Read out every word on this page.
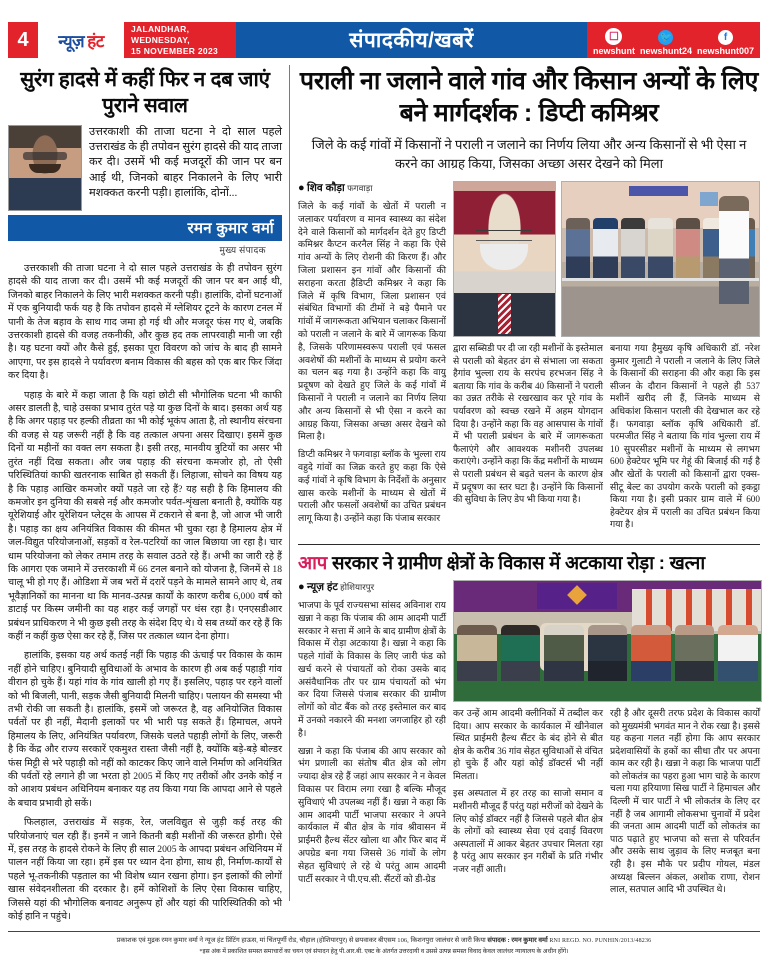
4	न्यूज़ हंट
JALANDHAR, WEDNESDAY,
15 NOVEMBER 2023	संपादकीय/खबरें	☐
newshunt
🐦
newshunt24
f
newshunt007
सुरंग हादसे में कहीं फिर न दब जाएं पुराने सवाल
उत्तरकाशी की ताजा घटना ने दो साल पहले उत्तराखंड के ही तपोवन सुरंग हादसे की याद ताजा कर दी। उसमें भी कई मजदूरों की जान पर बन आई थी, जिनको बाहर निकालने के लिए भारी मशक्कत करनी पड़ी। हालांकि, दोनों...
रमन कुमार वर्मा
मुख्य संपादक

उत्तरकाशी की ताजा घटना ने दो साल पहले उत्तराखंड के ही तपोवन सुरंग हादसे की याद ताजा कर दी। उसमें भी कई मजदूरों की जान पर बन आई थी, जिनको बाहर निकालने के लिए भारी मशक्कत करनी पड़ी। हालांकि, दोनों घटनाओं में एक बुनियादी फर्क यह है कि तपोवन हादसे में ग्लेशियर टूटने के कारण टनल में पानी के तेज बहाव के साथ गाद जमा हो गई थी और मजदूर फंस गए थे, जबकि उत्तरकाशी हादसे की वजह तकनीकी, और कुछ हद तक लापरवाही मानी जा रही है। यह घटना क्यों और कैसे हुई, इसका पूरा विवरण को जांच के बाद ही सामने आएगा, पर इस हादसे ने पर्यावरण बनाम विकास की बहस को एक बार फिर जिंदा कर दिया है।

पहाड़ के बारे में कहा जाता है कि यहां छोटी सी भौगोलिक घटना भी काफी असर डालती है, चाहे उसका प्रभाव तुरंत पड़े या कुछ दिनों के बाद। इसका अर्थ यह है कि अगर पहाड़ पर हल्की तीव्रता का भी कोई भूकंप आता है, तो स्थानीय संरचना की वजह से यह जरूरी नहीं है कि वह तत्काल अपना असर दिखाए। इसमें कुछ दिनों या महीनों का वक्त लग सकता है। इसी तरह, मानवीय त्रुटियों का असर भी तुरंत नहीं दिख सकता। और जब पहाड़ की संरचना कमजोर हो, तो ऐसी परिस्थितियां काफी खतरनाक साबित हो सकती हैं। लिहाजा, सोचने का विषय यह है कि पहाड़ आखिर कमजोर क्यों पड़ते जा रहे हैं? यह सही है कि हिमालय की कमजोर इन दुनिया की सबसे नई और कमजोर पर्वत-शृंखला बनाती है, क्योंकि यह यूरेशियाई और यूरेशियन प्लेट्स के आपस में टकराने से बना है, जो आज भी जारी है। पहाड़ का क्षय अनियंत्रित विकास की कीमत भी चुका रहा है हिमालय क्षेत्र में जल-विद्युत परियोजनाओं, सड़कों व रेल-पटरियों का जाल बिछाया जा रहा है। चार धाम परियोजना को लेकर तमाम तरह के सवाल उठते रहे हैं। अभी का जारी रहे हैं कि आगरा एक जमाने में उत्तरकाशी में 66 टनल बनाने को योजना है, जिनमें से 18 चालू भी हो गए हैं। ओडिशा में जब भरों में दरारें पड़ने के मामले सामने आए थे, तब भूवैज्ञानिकों का मानना था कि मानव-उत्पन्न कार्यों के कारण करीब 6,000 वर्ष को डाटाई पर किस्म जमीनी का यह शहर कई जगहों पर धंस रहा है। एनएसडीआर प्रबंधन प्राधिकरण ने भी कुछ इसी तरह के संदेश दिए थे। ये सब तथ्यों कर रहे हैं कि कहीं न कहीं कुछ ऐसा कर रहे हैं, जिस पर तत्काल ध्यान देना होगा।

हालांकि, इसका यह अर्थ कतई नहीं कि पहाड़ की ऊंचाई पर विकास के काम नहीं होने चाहिए। बुनियादी सुविधाओं के अभाव के कारण ही अब कई पहाड़ी गांव वीरान हो चुके हैं। यहां गांव के गांव खाली हो गए हैं। इसलिए, पहाड़ पर रहने वालों को भी बिजली, पानी, सड़क जैसी बुनियादी मिलनी चाहिए। पलायन की समस्या भी तभी रोकी जा सकती है। हालांकि, इसमें जो जरूरत है, वह अनियोजित विकास पर्वतों पर ही नहीं, मैदानी इलाकों पर भी भारी पड़ सकते हैं। हिमाचल, अपने हिमालय के लिए, अनियंत्रित पर्यावरण, जिसके चलते पहाड़ी लोगों के लिए, जरूरी है कि केंद्र और राज्य सरकारें एकमुश्त रास्ता जैसी नहीं है, क्योंकि बड़े-बड़े बोल्डर फंस मिट्टी से भरे पहाड़ी को नहीं को काटकर किए जाने वाले निर्माण को अनियंत्रित की पर्वतों रहे लगाने ही जा भरता हो 2005 में किए गए तरीकों और उनके कोई न को आशय प्रबंधन अधिनियम बनाकर यह तय किया गया कि आपदा आने से पहले के बचाव प्रभावी हो सकें।

फिलहाल, उत्तराखंड में सड़क, रेल, जलविद्युत से जुड़ी कई तरह की परियोजनाएं चल रही हैं। इनमें न जाने कितनी बड़ी मशीनों की जरूरत होगी। ऐसे में, इस तरह के हादसे रोकने के लिए ही साल 2005 के आपदा प्रबंधन अधिनियम में पालन नहीं किया जा रहा। हमें इस पर ध्यान देना होगा, साथ ही, निर्माण-कार्यों से पहले भू-तकनीकी पड़ताल का भी विशेष ध्यान रखना होगा। इन इलाकों की लोगों खास संवेदनशीलता की दरकार है। हमें कोशिशों के लिए ऐसा विकास चाहिए, जिससे यहां की भौगोलिक बनावट अनुरूप हों और यहां की पारिस्थितिकी को भी कोई हानि न पहुंचे।

पराली ना जलाने वाले गांव और किसान अन्यों के लिए बने मार्गदर्शक : डिप्टी कमिश्रर
जिले के कई गांवों में किसानों ने पराली न जलाने का निर्णय लिया और अन्य किसानों से भी ऐसा न करने का आग्रह किया, जिसका अच्छा असर देखने को मिला
● शिव कौड़ा फगवाड़ा

जिले के कई गांवों के खेतों में पराली न जलाकर पर्यावरण व मानव स्वास्थ्य का संदेश देने वाले किसानों को मार्गदर्शन देते हुए डिप्टी कमिश्नर कैप्टन करनैल सिंह ने कहा कि ऐसे गांव अन्यों के लिए रोशनी की किरण हैं। और जिला प्रशासन इन गांवों और किसानों की सराहना करता हैडिप्टी कमिश्नर ने कहा कि जिले में कृषि विभाग, जिला प्रशासन एवं संबंधित विभागों की टीमों ने बड़े पैमाने पर गांवों में जागरूकता अभियान चलाकर किसानों को पराली न जलाने के बारे में जागरूक किया है, जिसके परिणामस्वरूप पराली एवं फसल अवशेषों की मशीनों के माध्यम से प्रयोग करने का चलन बढ़ गया है। उन्होंने कहा कि वायु प्रदूषण को देखते हुए जिले के कई गांवों में किसानों ने पराली न जलाने का निर्णय लिया और अन्य किसानों से भी ऐसा न करने का आग्रह किया, जिसका अच्छा असर देखने को मिला है।

डिप्टी कमिश्नर ने फगवाड़ा ब्लॉक के भुल्ला राय वहुदे गांवों का जिक्र करते हुए कहा कि ऐसे कई गांवों ने कृषि विभाग के निर्देशों के अनुसार खास करके मशीनों के माध्यम से खेतों में पराली और फसलों अवशेषों का उचित प्रबंधन लागू किया है। उन्होंने कहा कि पंजाब सरकार

द्वारा सब्सिडी पर दी जा रही मशीनों के इस्तेमाल से पराली को बेहतर ढंग से संभाला जा सकता हैगांव भुल्ला राय के सरपंच हरभजन सिंह ने बताया कि गांव के करीब 40 किसानों ने पराली का उन्नत तरीके से रखरखाव कर पूरे गांव के पर्यावरण को स्वच्छ रखने में अहम योगदान दिया है। उन्होंने कहा कि वह आसपास के गांवों में भी पराली प्रबंधन के बारे में जागरूकता फैलाएंगे और आवश्यक मशीनरी उपलब्ध कराएंगे। उन्होंने कहा कि केंद्र मशीनों के माध्यम से पराली प्रबंधन से बढ़ते चलन के कारण क्षेत्र में प्रदूषण का स्तर घटा है। उन्होंने कि किसानों की सुविधा के लिए डेप भी किया गया है।

बनाया गया हैमुख्य कृषि अधिकारी डॉ. नरेश कुमार गुलाटी ने पराली न जलाने के लिए जिले के किसानों की सराहना की और कहा कि इस सीजन के दौरान किसानों ने पहले ही 537 मशीनें खरीद ली हैं, जिनके माध्यम से अधिकांश किसान पराली की देखभाल कर रहे हैं। फगवाड़ा ब्लॉक कृषि अधिकारी डॉ. परमजीत सिंह ने बताया कि गांव भुल्ला राय में 10 सुपरसीडर मशीनों के माध्यम से लगभग 600 हेक्टेयर भूमि पर गेहूं की बिजाई की गई है और खेतों के पराली को किसानों द्वारा एक्स-सीटू बेल्ट का उपयोग करके पराली को इकट्ठा किया गया है। इसी प्रकार ग्राम वाले में 600 हेक्टेयर क्षेत्र में पराली का उचित प्रबंधन किया गया है।

आप सरकार ने ग्रामीण क्षेत्रों के विकास में अटकाया रोड़ा : खत्ना
● न्यूज़ हंट होशियारपुर

भाजपा के पूर्व राज्यसभा सांसद अविनाश राय खन्ना ने कहा कि पंजाब की आम आदमी पार्टी सरकार ने सत्ता में आने के बाद ग्रामीण क्षेत्रों के विकास में रोड़ा अटकाया है। खन्ना ने कहा कि पहले गांवों के विकास के लिए जारी फंड को खर्च करने से पंचायतों को रोका उसके बाद असंवैधानिक तौर पर ग्राम पंचायतों को भंग कर दिया जिससे पंजाब सरकार की ग्रामीण लोगों को वोट बैंक को तरह इस्तेमाल कर बाद में उनको नकारने की मनशा जगजाहिर हो रही है।

खन्ना ने कहा कि पंजाब की आप सरकार को भंग प्रणाली का संतोष बीत क्षेत्र को लोग ज्यादा क्षेत्र रहे हैं जहां आप सरकार ने न केवल विकास पर विराम लगा रखा है बल्कि मौजूद सुविधाएं भी उपलब्ध नहीं हैं। खन्ना ने कहा कि आम आदमी पार्टी भाजपा सरकार ने अपने कार्यकाल में बीत क्षेत्र के गांव श्रीवासन में प्राईमरी हैल्थ सेंटर खोला था और फिर बाद में अपग्रेड बना गया जिससे 36 गांवों के लोग सेहत सुविधाएं ले रहे थे परंतु आम आदमी पार्टी सरकार ने पी.एच.सी. सैंटरों को डी-ग्रेड

कर उन्हें आम आदमी क्लीनिकों में तब्दील कर दिया। आप सरकार के कार्यकाल में खीनेवाल स्थित प्राईमरी हैल्थ सैंटर के बंद होने से बीत क्षेत्र के करीब 36 गांव सेहत सुविधाओं से वंचित हो चुके हैं और यहां कोई डॉक्टर्स भी नहीं मिलता।

इस अस्पताल में हर तरह का साजो समान व मशीनरी मौजूद हैं परंतु यहां मरीजों को देखने के लिए कोई डॉक्टर नहीं है जिससे पहले बीत क्षेत्र के लोगों को स्वास्थ्य सेवा एवं दवाई विवरण अस्पतालों में आकर बेहतर उपचार मिलता रहा है परंतु आप सरकार इन गरीबों के प्रति गंभीर नजर नहीं आती।

रही है और दूसरी तरफ प्रदेश के विकास कार्यों को मुख्यमंत्री भगवंत मान ने रोक रखा है। इससे यह कहना गलत नहीं होगा कि आप सरकार प्रदेशवासियों के हकों का सीधा तौर पर अपना काम कर रही है। खन्ना ने कहा कि भाजपा पार्टी को लोकतंत्र का पहरा हुआ भाग चाहे के कारण चला गया हरियाणा सिख पार्टी ने हिमाचल और दिल्ली में चार पार्टी ने भी लोकतंत्र के लिए दर नहीं है जब आगामी लोकसभा चुनावों में प्रदेश की जनता आम आदमी पार्टी को लोकतंत्र का पाठ पढ़ाते हुए भाजपा को सत्ता से परिवर्तन और उसके साथ जुड़ाव के लिए मजबूत बना रही है। इस मौके पर प्रदीप गोयल, मंडल अध्यक्ष बिल्लन अंकल, अशोक राणा, रोशन लाल, सतपाल आदि भी उपस्थित थे।

प्रकाशक एवं मुद्रक रमन कुमार वर्मा ने न्यूज हंट प्रिंटिंग हाऊस, मां चिंतपूर्णी रोड, चौहाल (होशियारपुर) से छपवाकर बीएसम 106, किशनपुरा जालंधर से जारी किया संपादक : रमन कुमार वर्मा RNI REGD. NO. PUNHIN/2013/48236
*इस अंक में प्रकाशित समस्त समाचारों का चयन एवं संपादन हेतु पी.आर.बी. एक्ट के अंतर्गत उत्तरदायी व उससे उत्पन्न समस्त विवाद केवल जालंधर न्यायालय के अधीन होंगे।
